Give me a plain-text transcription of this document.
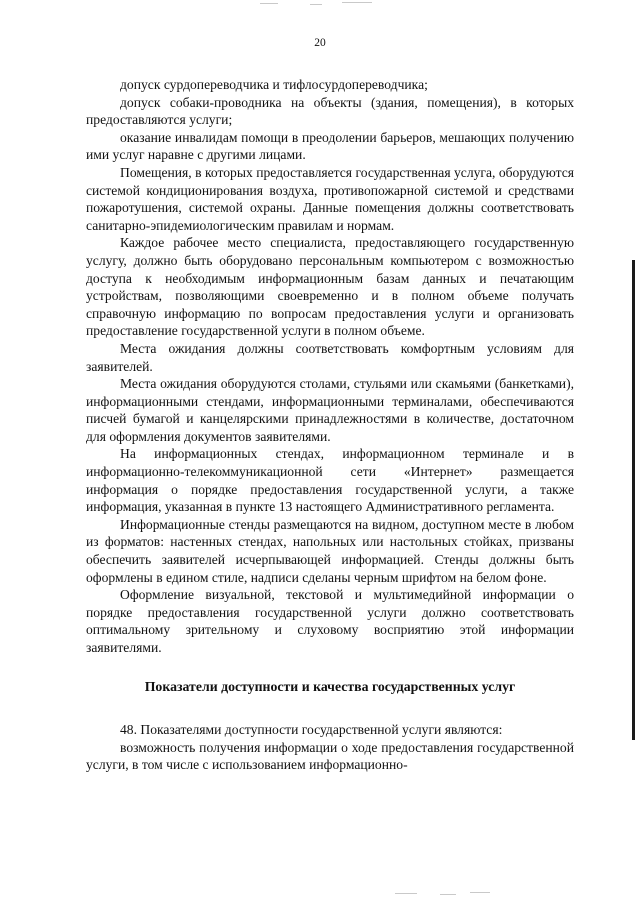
20

допуск сурдопереводчика и тифлосурдопереводчика;

допуск собаки-проводника на объекты (здания, помещения), в которых предоставляются услуги;

оказание инвалидам помощи в преодолении барьеров, мешающих получению ими услуг наравне с другими лицами.

Помещения, в которых предоставляется государственная услуга, оборудуются системой кондиционирования воздуха, противопожарной системой и средствами пожаротушения, системой охраны. Данные помещения должны соответствовать санитарно-эпидемиологическим правилам и нормам.

Каждое рабочее место специалиста, предоставляющего государственную услугу, должно быть оборудовано персональным компьютером с возможностью доступа к необходимым информационным базам данных и печатающим устройствам, позволяющими своевременно и в полном объеме получать справочную информацию по вопросам предоставления услуги и организовать предоставление государственной услуги в полном объеме.

Места ожидания должны соответствовать комфортным условиям для заявителей.

Места ожидания оборудуются столами, стульями или скамьями (банкетками), информационными стендами, информационными терминалами, обеспечиваются писчей бумагой и канцелярскими принадлежностями в количестве, достаточном для оформления документов заявителями.

На информационных стендах, информационном терминале и в информационно-телекоммуникационной сети «Интернет» размещается информация о порядке предоставления государственной услуги, а также информация, указанная в пункте 13 настоящего Административного регламента.

Информационные стенды размещаются на видном, доступном месте в любом из форматов: настенных стендах, напольных или настольных стойках, призваны обеспечить заявителей исчерпывающей информацией. Стенды должны быть оформлены в едином стиле, надписи сделаны черным шрифтом на белом фоне.

Оформление визуальной, текстовой и мультимедийной информации о порядке предоставления государственной услуги должно соответствовать оптимальному зрительному и слуховому восприятию этой информации заявителями.

Показатели доступности и качества государственных услуг

48. Показателями доступности государственной услуги являются:

возможность получения информации о ходе предоставления государственной услуги, в том числе с использованием информационно-
